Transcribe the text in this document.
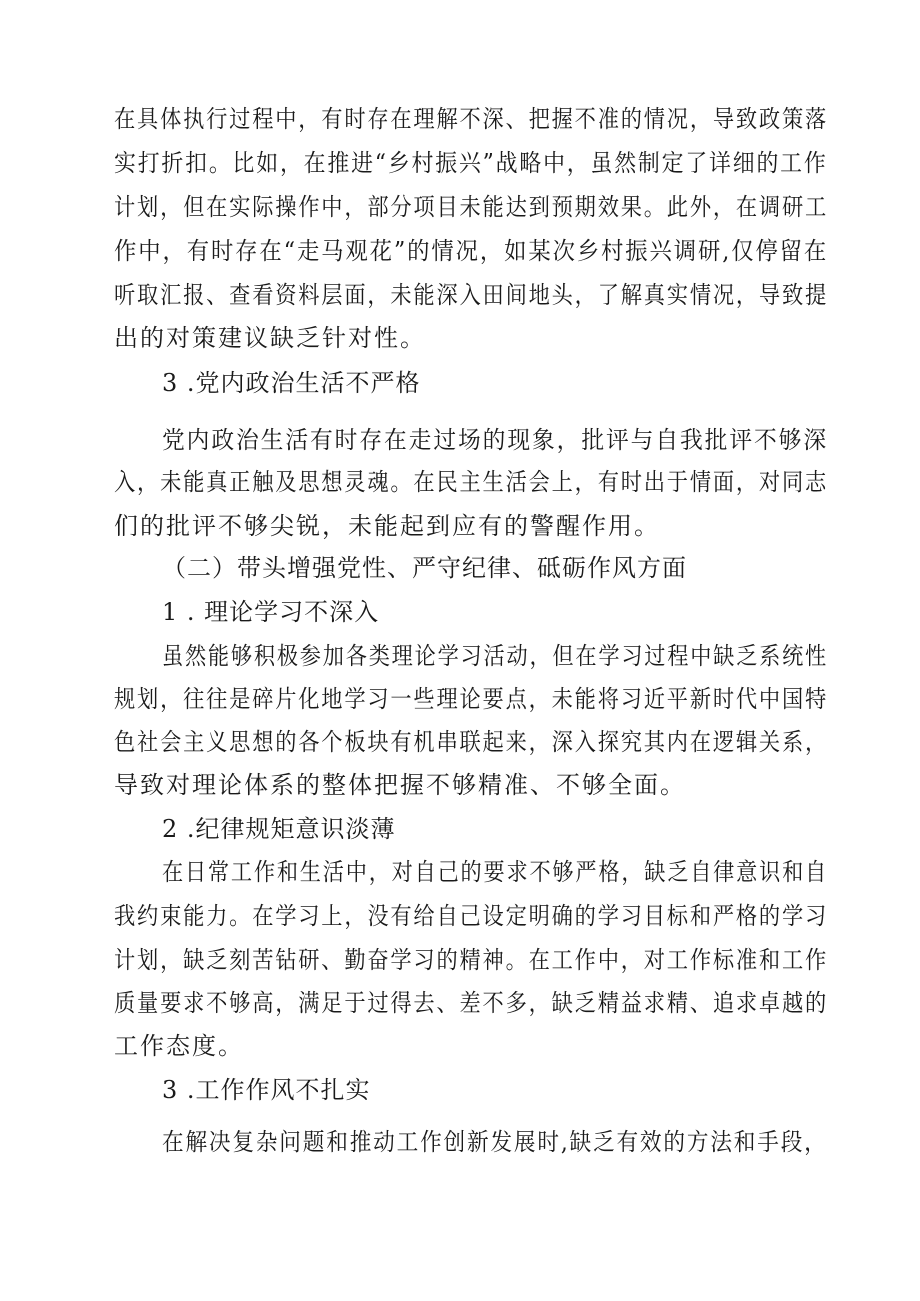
在具体执行过程中，有时存在理解不深、把握不准的情况，导致政策落
实打折扣。比如，在推进“乡村振兴”战略中，虽然制定了详细的工作
计划，但在实际操作中，部分项目未能达到预期效果。此外，在调研工
作中，有时存在“走马观花”的情况，如某次乡村振兴调研,仅停留在
听取汇报、查看资料层面，未能深入田间地头，了解真实情况，导致提
出的对策建议缺乏针对性。
3 .党内政治生活不严格
党内政治生活有时存在走过场的现象，批评与自我批评不够深
入，未能真正触及思想灵魂。在民主生活会上，有时出于情面，对同志
们的批评不够尖锐，未能起到应有的警醒作用。
（二）带头增强党性、严守纪律、砥砺作风方面
1 . 理论学习不深入
虽然能够积极参加各类理论学习活动，但在学习过程中缺乏系统性
规划，往往是碎片化地学习一些理论要点，未能将习近平新时代中国特
色社会主义思想的各个板块有机串联起来，深入探究其内在逻辑关系，
导致对理论体系的整体把握不够精准、不够全面。
2 .纪律规矩意识淡薄
在日常工作和生活中，对自己的要求不够严格，缺乏自律意识和自
我约束能力。在学习上，没有给自己设定明确的学习目标和严格的学习
计划，缺乏刻苦钻研、勤奋学习的精神。在工作中，对工作标准和工作
质量要求不够高，满足于过得去、差不多，缺乏精益求精、追求卓越的
工作态度。
3 .工作作风不扎实
在解决复杂问题和推动工作创新发展时,缺乏有效的方法和手段，
